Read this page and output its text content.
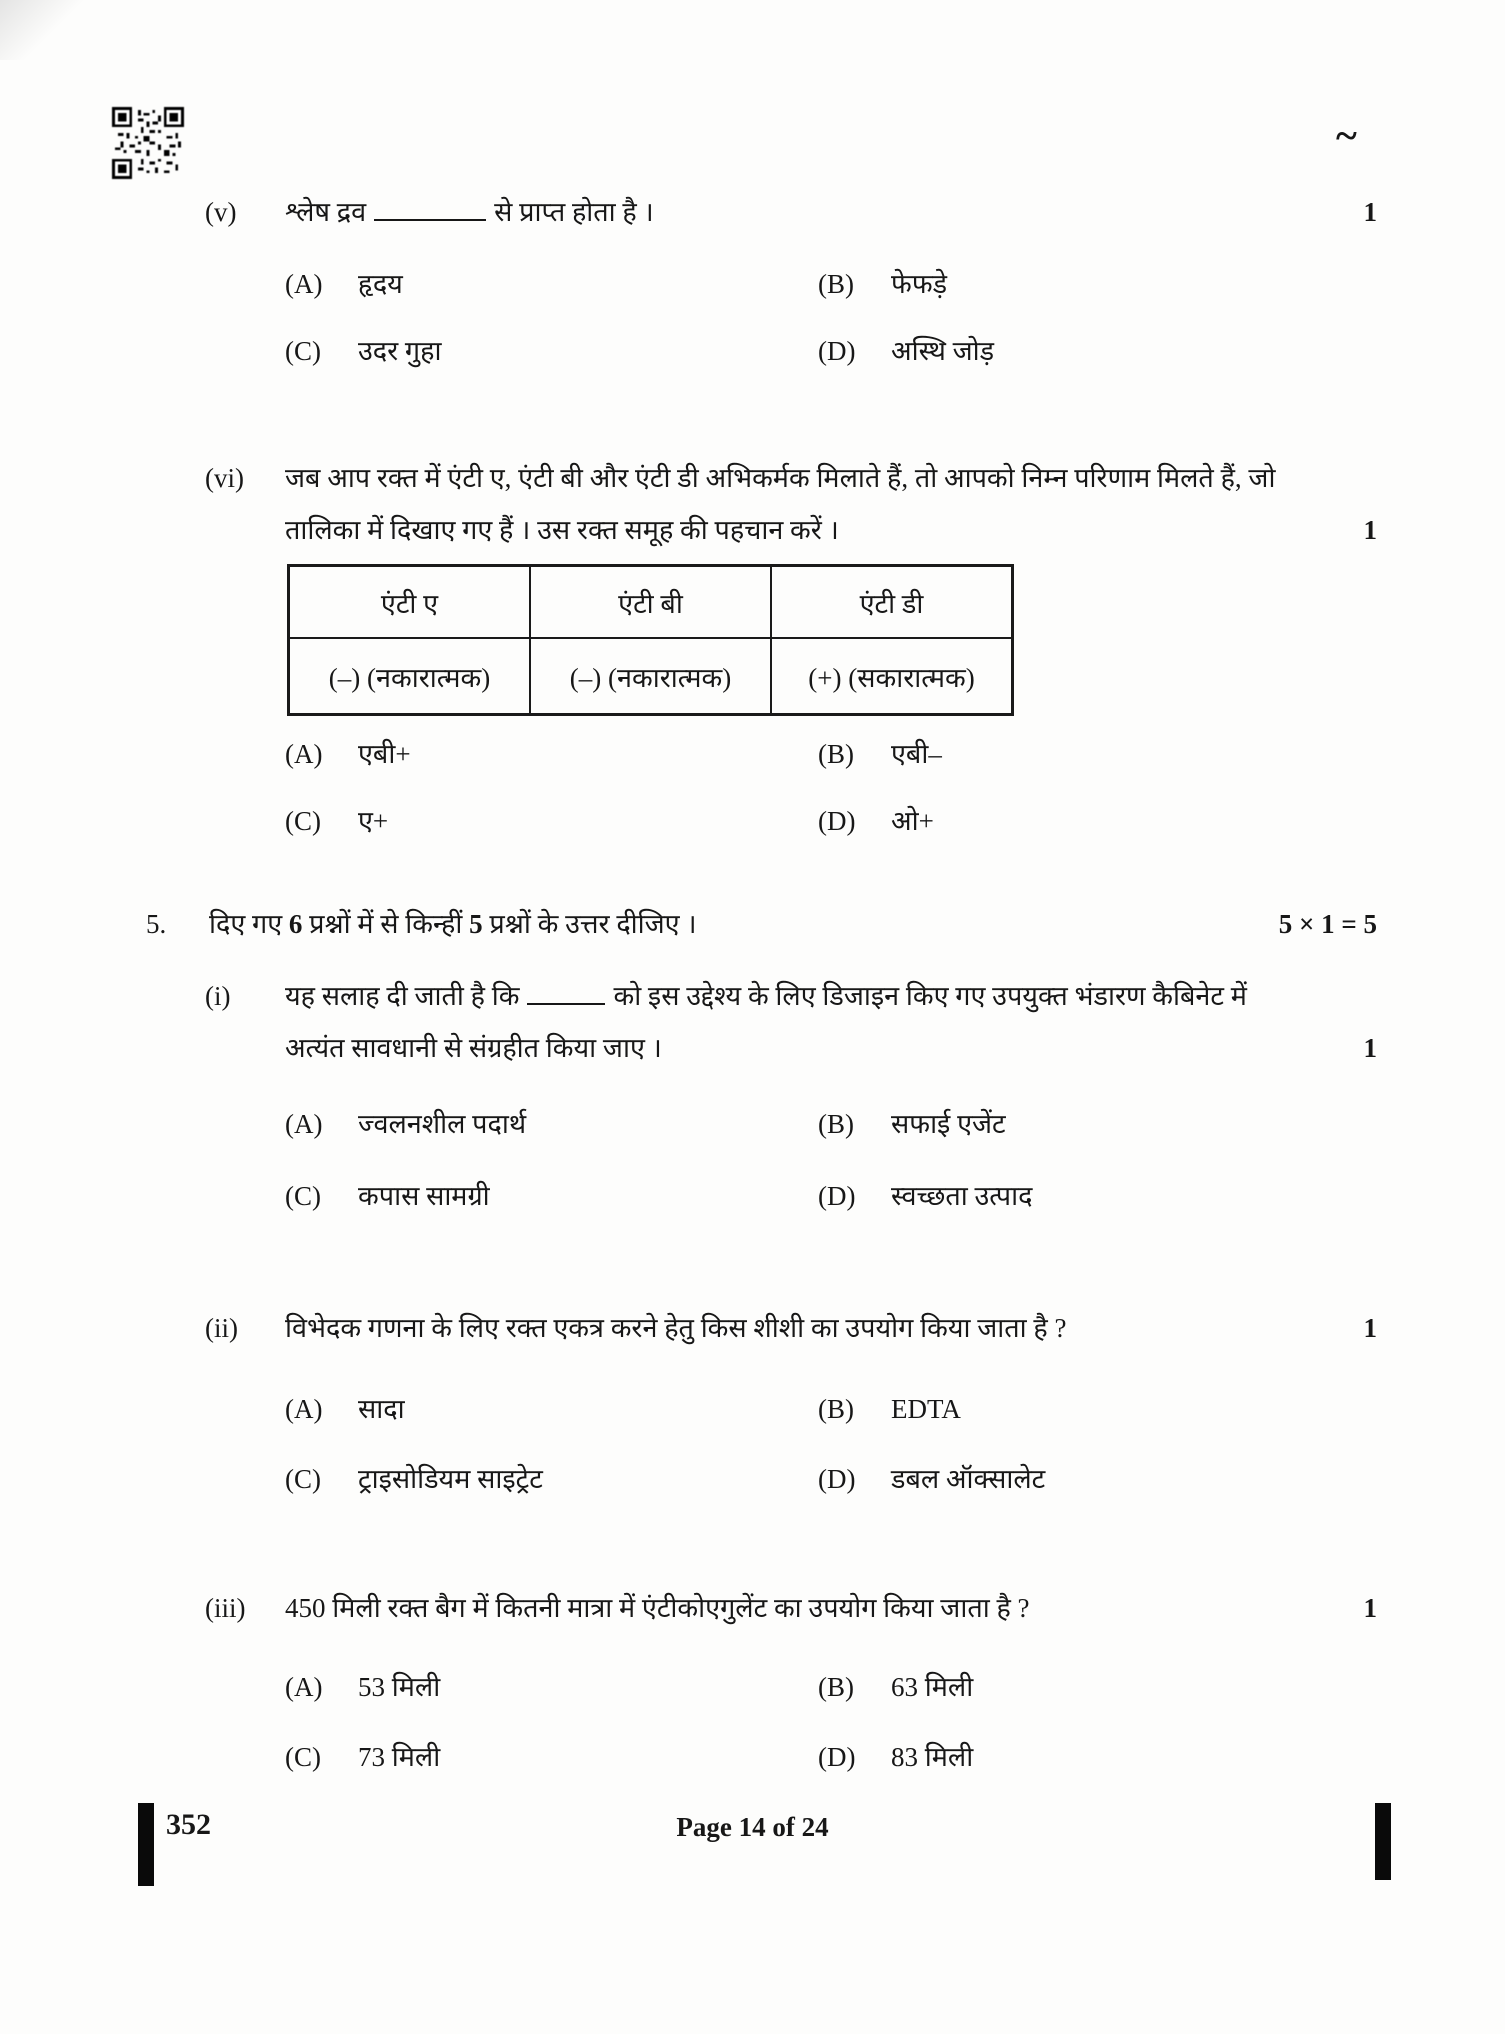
~
(v)	श्लेष द्रव	से प्राप्त होता है ।	1
(A)	हृदय	(B)	फेफड़े
(C)	उदर गुहा	(D)	अस्थि जोड़
(vi)	जब आप रक्त में एंटी ए, एंटी बी और एंटी डी अभिकर्मक मिलाते हैं, तो आपको निम्न परिणाम मिलते हैं, जो तालिका में दिखाए गए हैं । उस रक्त समूह की पहचान करें ।	1
एंटी ए	एंटी बी	एंटी डी
(–) (नकारात्मक)	(–) (नकारात्मक)	(+) (सकारात्मक)
(A)	एबी+	(B)	एबी–
(C)	ए+	(D)	ओ+
5.	दिए गए 6 प्रश्नों में से किन्हीं 5 प्रश्नों के उत्तर दीजिए ।	5 × 1 = 5
(i)	यह सलाह दी जाती है कि	को इस उद्देश्य के लिए डिजाइन किए गए उपयुक्त भंडारण कैबिनेट में अत्यंत सावधानी से संग्रहीत किया जाए ।	1
(A)	ज्वलनशील पदार्थ	(B)	सफाई एजेंट
(C)	कपास सामग्री	(D)	स्वच्छता उत्पाद
(ii)	विभेदक गणना के लिए रक्त एकत्र करने हेतु किस शीशी का उपयोग किया जाता है ?	1
(A)	सादा	(B)	EDTA
(C)	ट्राइसोडियम साइट्रेट	(D)	डबल ऑक्सालेट
(iii)	450 मिली रक्त बैग में कितनी मात्रा में एंटीकोएगुलेंट का उपयोग किया जाता है ?	1
(A)	53 मिली	(B)	63 मिली
(C)	73 मिली	(D)	83 मिली
352	Page 14 of 24
